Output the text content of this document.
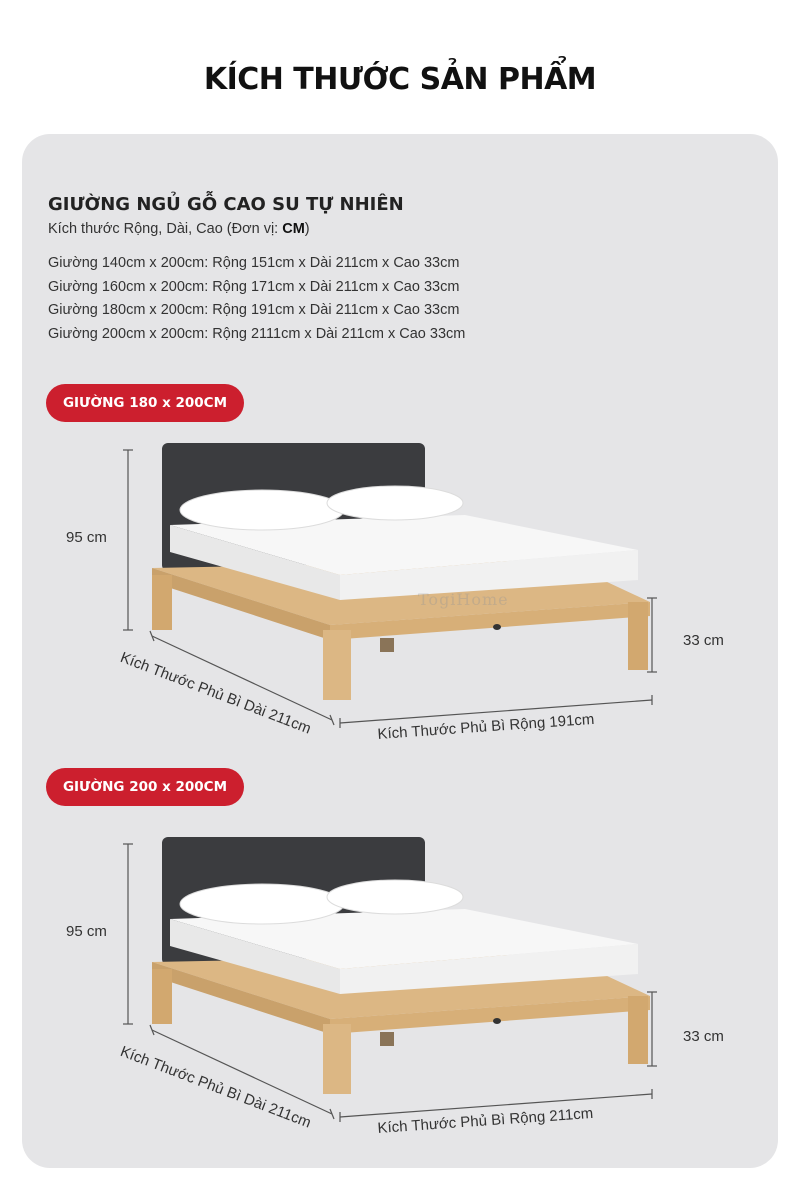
KÍCH THƯỚC SẢN PHẨM
GIƯỜNG NGỦ GỖ CAO SU TỰ NHIÊN
Kích thước Rộng, Dài, Cao (Đơn vị: CM)
Giường 140cm x 200cm: Rộng 151cm x Dài 211cm x Cao 33cm
Giường 160cm x 200cm: Rộng 171cm x Dài 211cm x Cao 33cm
Giường 180cm x 200cm: Rộng 191cm x Dài 211cm x Cao 33cm
Giường 200cm x 200cm: Rộng 2111cm x Dài 211cm x Cao 33cm
GIƯỜNG 180 x 200CM
95 cm
33 cm
Kích Thước Phủ Bì Dài 211cm	Kích Thước Phủ Bì Rộng 191cm
TogiHome
GIƯỜNG 200 x 200CM
95 cm
33 cm
Kích Thước Phủ Bì Dài 211cm	Kích Thước Phủ Bì Rộng 211cm
